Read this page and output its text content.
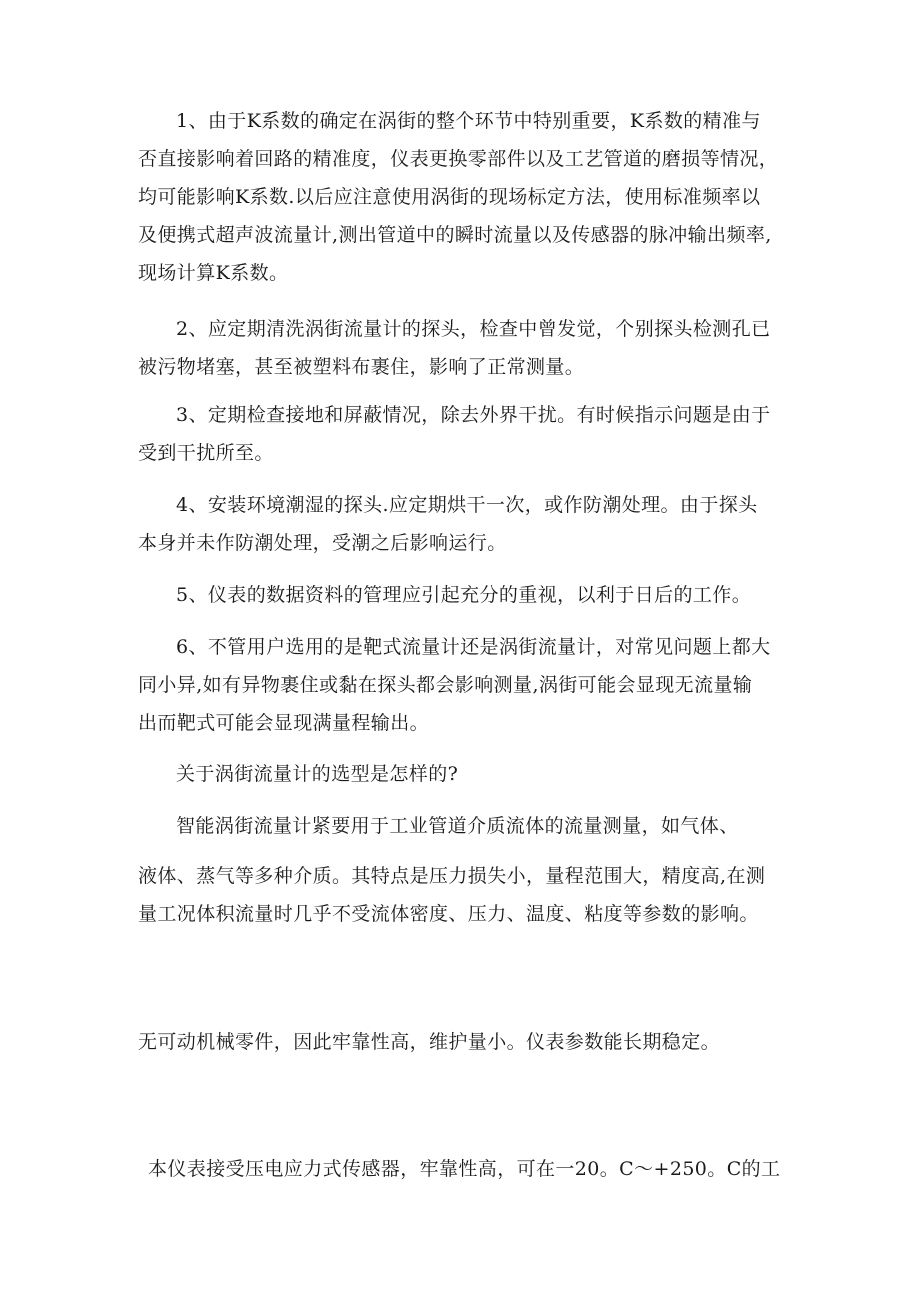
1、由于K系数的确定在涡街的整个环节中特别重要，K系数的精准与
否直接影响着回路的精准度，仪表更换零部件以及工艺管道的磨损等情况，
均可能影响K系数.以后应注意使用涡街的现场标定方法，使用标准频率以
及便携式超声波流量计,测出管道中的瞬时流量以及传感器的脉冲输出频率,
现场计算K系数。
2、应定期清洗涡街流量计的探头，检查中曾发觉，个别探头检测孔已
被污物堵塞，甚至被塑料布裹住，影响了正常测量。
3、定期检查接地和屏蔽情况，除去外界干扰。有时候指示问题是由于
受到干扰所至。
4、安装环境潮湿的探头.应定期烘干一次，或作防潮处理。由于探头
本身并未作防潮处理，受潮之后影响运行。
5、仪表的数据资料的管理应引起充分的重视，以利于日后的工作。
6、不管用户选用的是靶式流量计还是涡街流量计，对常见问题上都大
同小异,如有异物裹住或黏在探头都会影响测量,涡街可能会显现无流量输
出而靶式可能会显现满量程输出。
关于涡街流量计的选型是怎样的?
智能涡街流量计紧要用于工业管道介质流体的流量测量，如气体、
液体、蒸气等多种介质。其特点是压力损失小，量程范围大，精度高,在测
量工况体积流量时几乎不受流体密度、压力、温度、粘度等参数的影响。
无可动机械零件，因此牢靠性高，维护量小。仪表参数能长期稳定。
本仪表接受压电应力式传感器，牢靠性高，可在一20。C～+250。C的工
